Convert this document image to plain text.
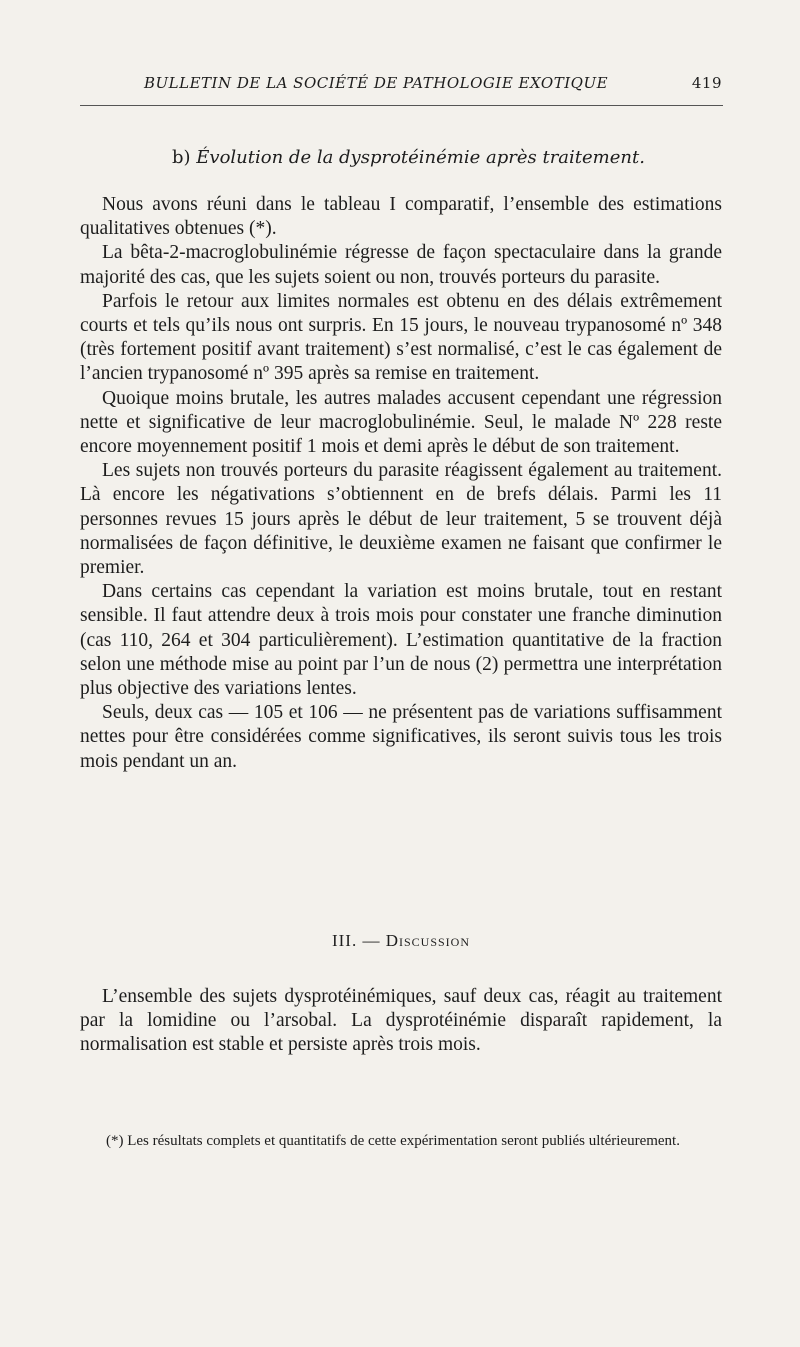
BULLETIN DE LA SOCIÉTÉ DE PATHOLOGIE EXOTIQUE	419
b) Évolution de la dysprotéinémie après traitement.

Nous avons réuni dans le tableau I comparatif, l’ensemble des estimations qualitatives obtenues (*).

La bêta-2-macroglobulinémie régresse de façon spectaculaire dans la grande majorité des cas, que les sujets soient ou non, trouvés porteurs du parasite.

Parfois le retour aux limites normales est obtenu en des délais extrêmement courts et tels qu’ils nous ont surpris. En 15 jours, le nouveau trypanosomé nº 348 (très fortement positif avant traitement) s’est normalisé, c’est le cas également de l’ancien trypanosomé nº 395 après sa remise en traitement.

Quoique moins brutale, les autres malades accusent cependant une régression nette et significative de leur macroglobulinémie. Seul, le malade Nº 228 reste encore moyennement positif 1 mois et demi après le début de son traitement.

Les sujets non trouvés porteurs du parasite réagissent également au traitement. Là encore les négativations s’obtiennent en de brefs délais. Parmi les 11 personnes revues 15 jours après le début de leur traitement, 5 se trouvent déjà normalisées de façon définitive, le deuxième examen ne faisant que confirmer le premier.

Dans certains cas cependant la variation est moins brutale, tout en restant sensible. Il faut attendre deux à trois mois pour constater une franche diminution (cas 110, 264 et 304 particulièrement). L’estimation quantitative de la fraction selon une méthode mise au point par l’un de nous (2) permettra une interprétation plus objective des variations lentes.

Seuls, deux cas — 105 et 106 — ne présentent pas de variations suffisamment nettes pour être considérées comme significatives, ils seront suivis tous les trois mois pendant un an.

III. — Discussion

L’ensemble des sujets dysprotéinémiques, sauf deux cas, réagit au traitement par la lomidine ou l’arsobal. La dysprotéinémie disparaît rapidement, la normalisation est stable et persiste après trois mois.

(*) Les résultats complets et quantitatifs de cette expérimentation seront publiés ultérieurement.
